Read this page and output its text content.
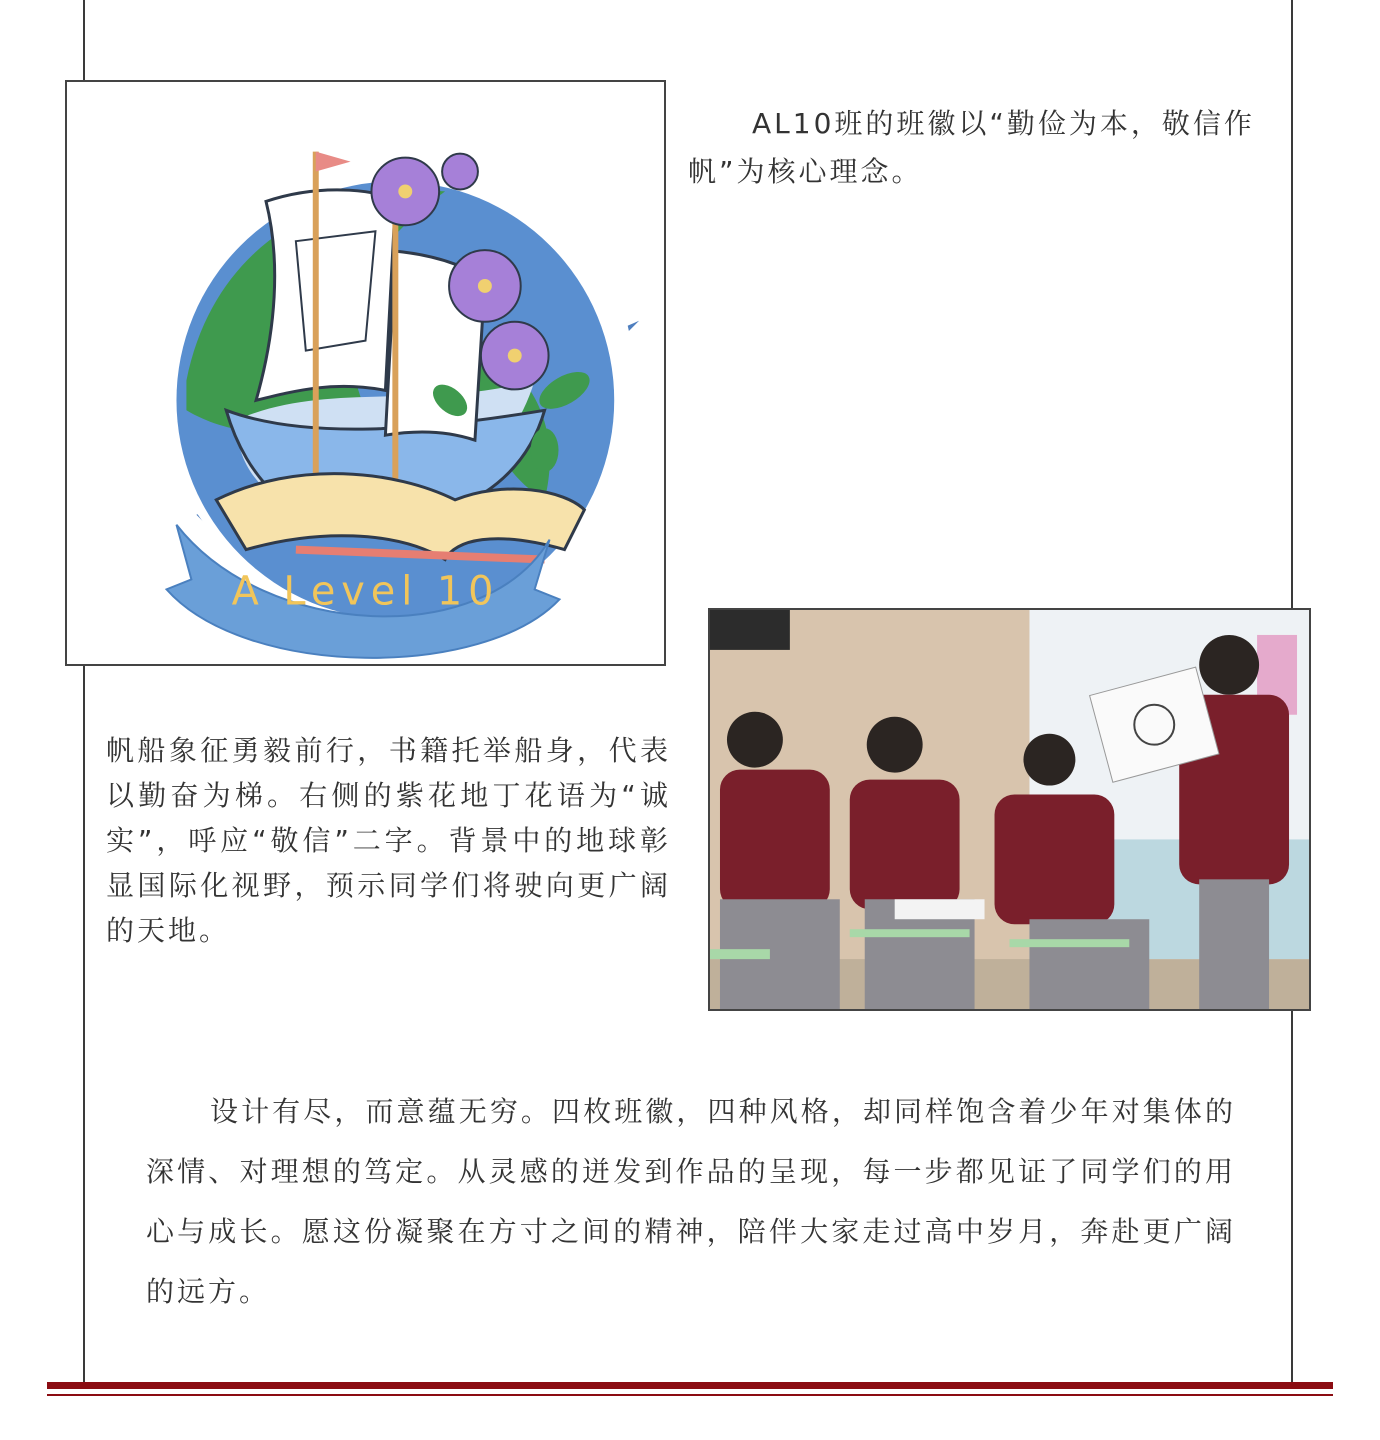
A Level 10
AL10班的班徽以“勤俭为本，敬信作帆”为核心理念。
帆船象征勇毅前行，书籍托举船身，代表以勤奋为梯。右侧的紫花地丁花语为“诚实”，呼应“敬信”二字。背景中的地球彰显国际化视野，预示同学们将驶向更广阔的天地。
设计有尽，而意蕴无穷。四枚班徽，四种风格，却同样饱含着少年对集体的深情、对理想的笃定。从灵感的迸发到作品的呈现，每一步都见证了同学们的用心与成长。愿这份凝聚在方寸之间的精神，陪伴大家走过高中岁月，奔赴更广阔的远方。
